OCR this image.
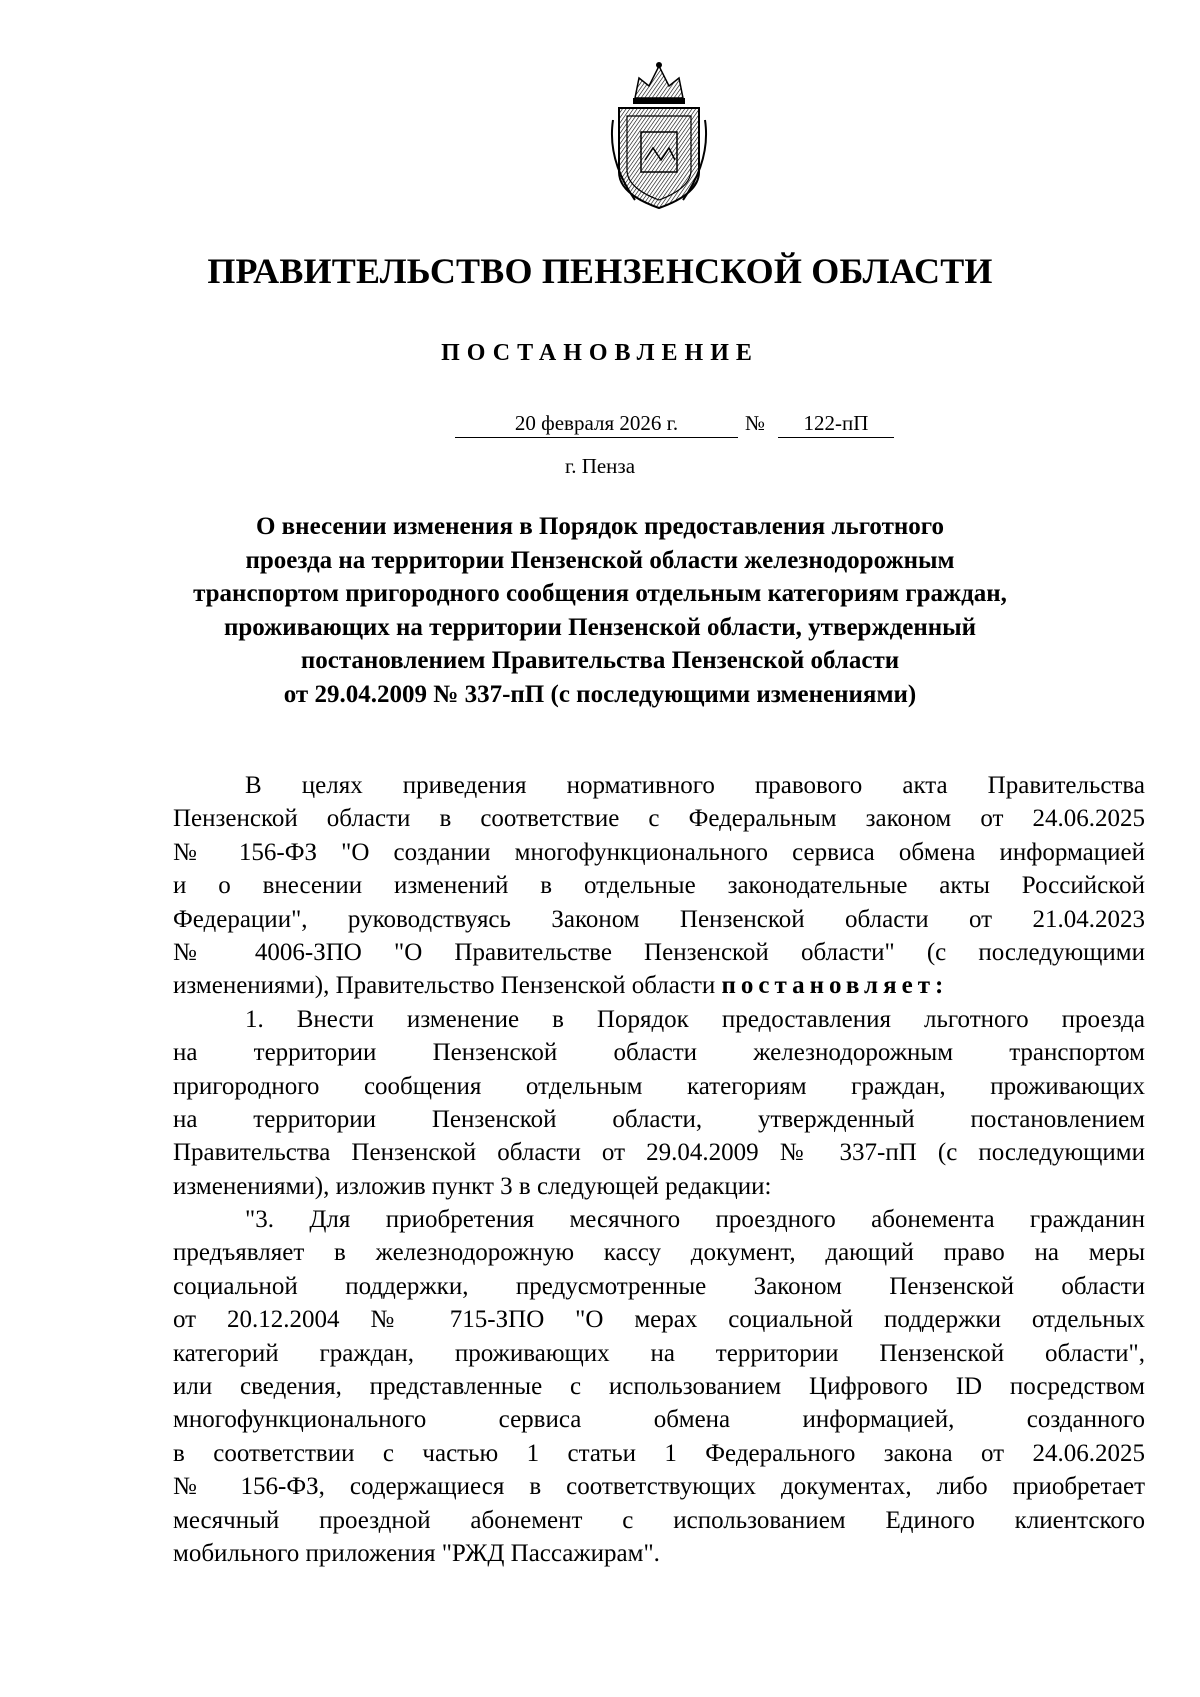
ПРАВИТЕЛЬСТВО ПЕНЗЕНСКОЙ ОБЛАСТИ
ПОСТАНОВЛЕНИЕ
20 февраля 2026 г.	№	122-пП
г. Пенза
О внесении изменения в Порядок предоставления льготного
проезда на территории Пензенской области железнодорожным
транспортом пригородного сообщения отдельным категориям граждан,
проживающих на территории Пензенской области, утвержденный
постановлением Правительства Пензенской области
от 29.04.2009 № 337-пП (с последующими изменениями)
В целях приведения нормативного правового акта Правительства
Пензенской области в соответствие с Федеральным законом от 24.06.2025
№ 156-ФЗ "О создании многофункционального сервиса обмена информацией
и о внесении изменений в отдельные законодательные акты Российской
Федерации", руководствуясь Законом Пензенской области от 21.04.2023
№ 4006-ЗПО "О Правительстве Пензенской области" (с последующими
изменениями), Правительство Пензенской области постановляет:
1. Внести изменение в Порядок предоставления льготного проезда
на территории Пензенской области железнодорожным транспортом
пригородного сообщения отдельным категориям граждан, проживающих
на территории Пензенской области, утвержденный постановлением
Правительства Пензенской области от 29.04.2009 № 337-пП (с последующими
изменениями), изложив пункт 3 в следующей редакции:
"3. Для приобретения месячного проездного абонемента гражданин
предъявляет в железнодорожную кассу документ, дающий право на меры
социальной поддержки, предусмотренные Законом Пензенской области
от 20.12.2004 № 715-ЗПО "О мерах социальной поддержки отдельных
категорий граждан, проживающих на территории Пензенской области",
или сведения, представленные с использованием Цифрового ID посредством
многофункционального сервиса обмена информацией, созданного
в соответствии с частью 1 статьи 1 Федерального закона от 24.06.2025
№ 156-ФЗ, содержащиеся в соответствующих документах, либо приобретает
месячный проездной абонемент с использованием Единого клиентского
мобильного приложения "РЖД Пассажирам".
